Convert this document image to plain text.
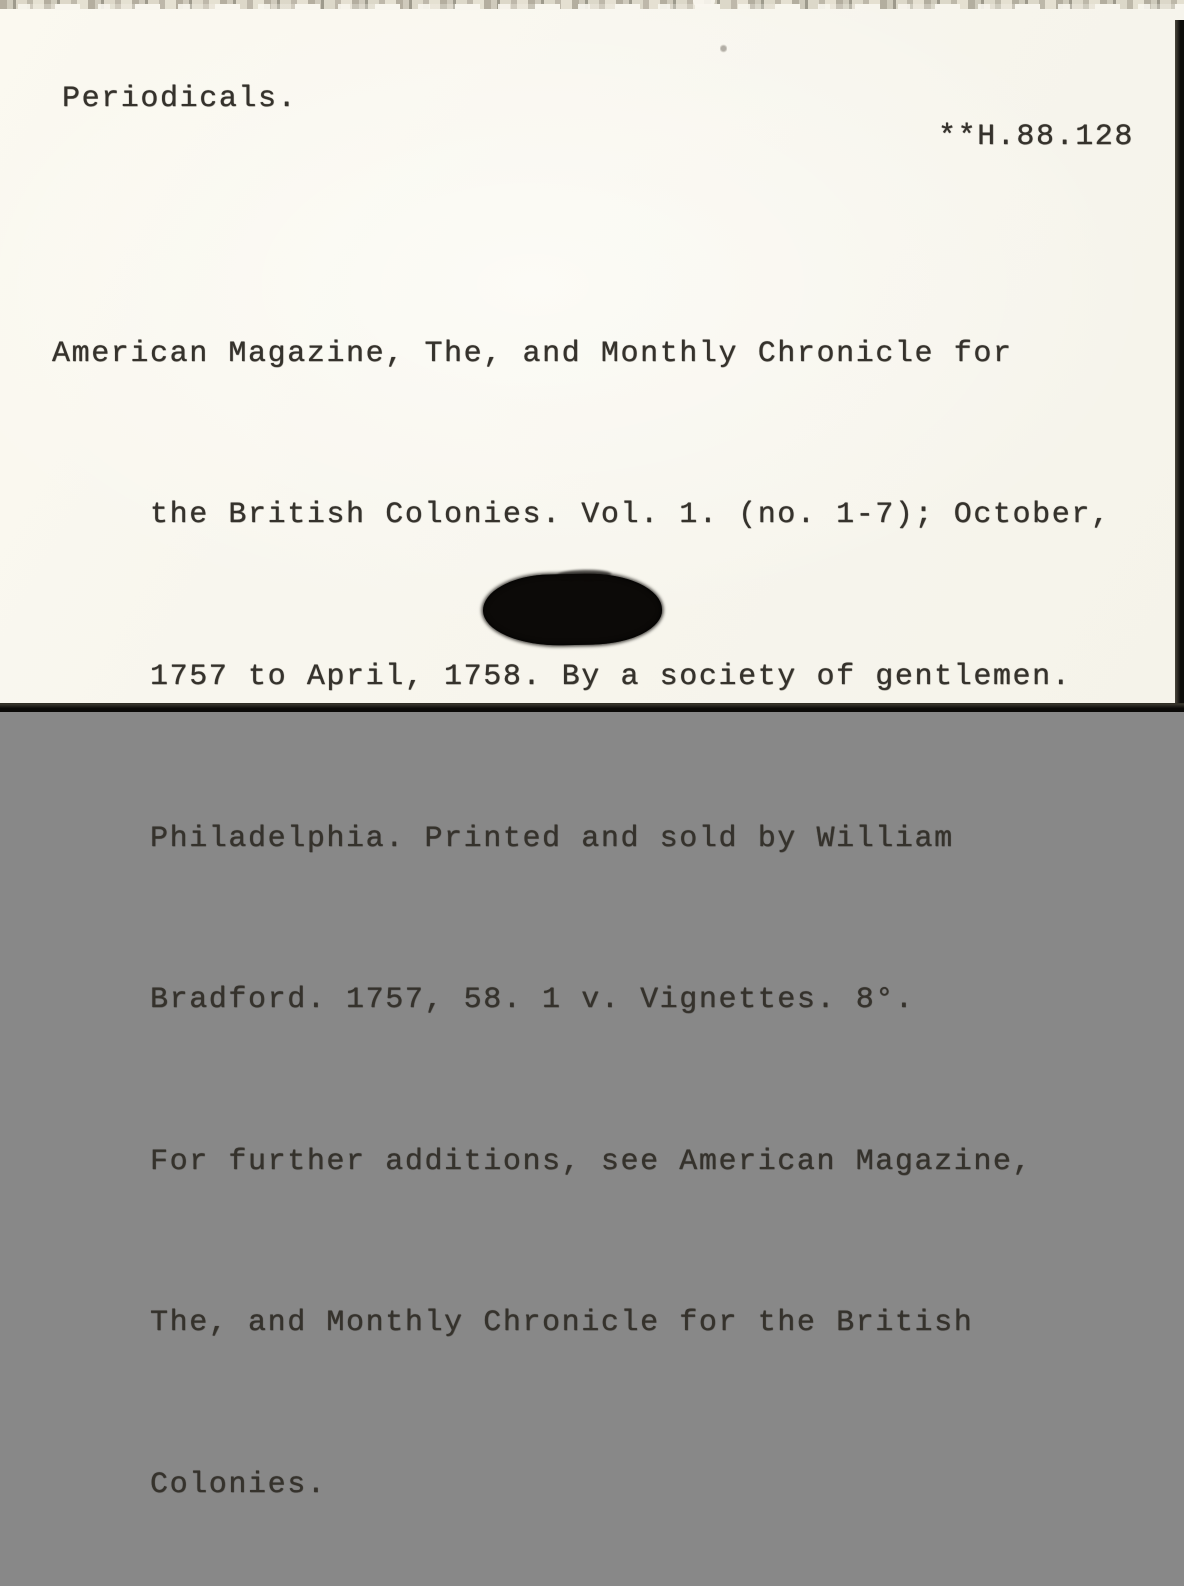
Periodicals.
**H.88.128

American Magazine, The, and Monthly Chronicle for

the British Colonies. Vol. 1. (no. 1-7); October,

1757 to April, 1758. By a society of gentlemen.

Philadelphia. Printed and sold by William

Bradford. 1757, 58. 1 v. Vignettes. 8°.

For further additions, see American Magazine,

The, and Monthly Chronicle for the British

Colonies.
